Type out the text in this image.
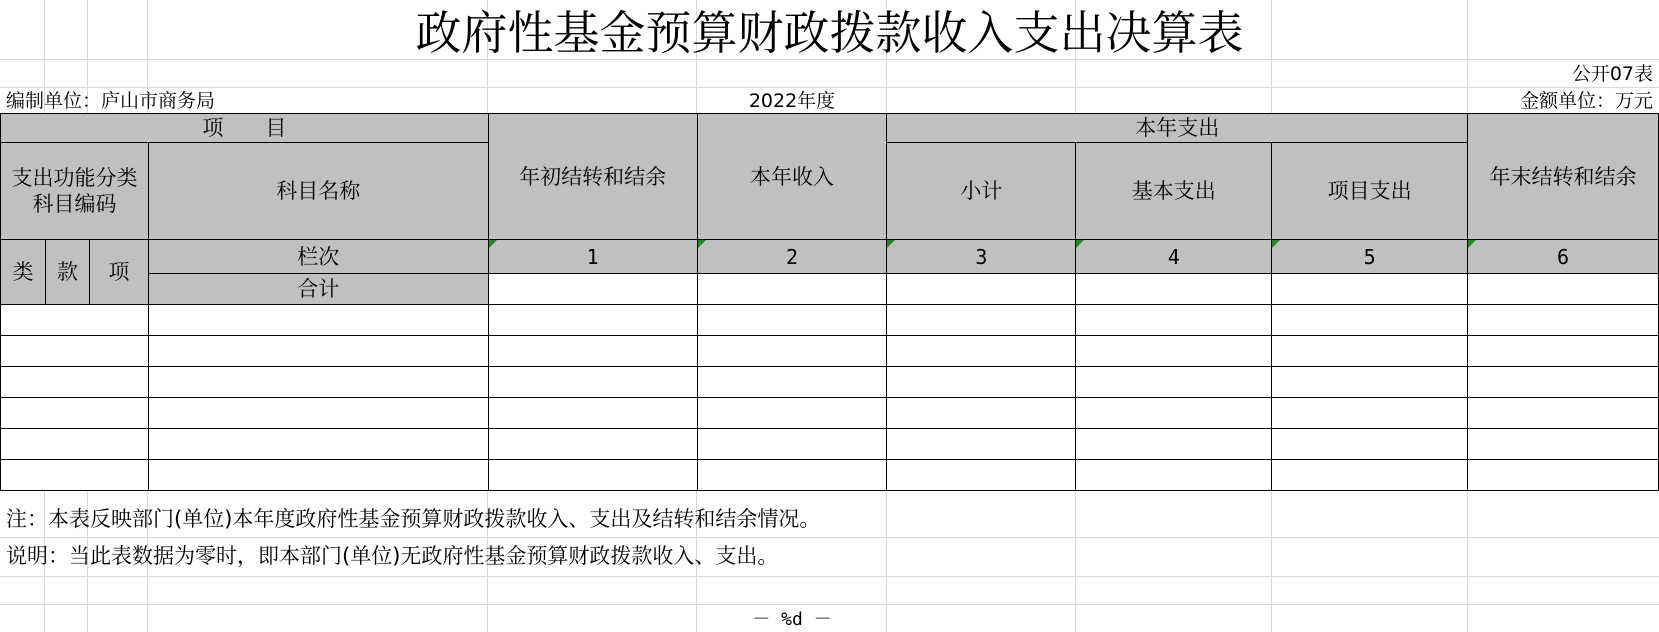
政府性基金预算财政拨款收入支出决算表
公开07表
编制单位：庐山市商务局	2022年度	金额单位：万元
项　　目				年初结转和结余	本年收入	本年支出			年末结转和结余
支出功能分类科目编码			科目名称			小计	基本支出	项目支出	
类	款	项	栏次	1	2	3	4	5	6
			合计						

注：本表反映部门(单位)本年度政府性基金预算财政拨款收入、支出及结转和结余情况。
说明：当此表数据为零时，即本部门(单位)无政府性基金预算财政拨款收入、支出。
－ %d －
